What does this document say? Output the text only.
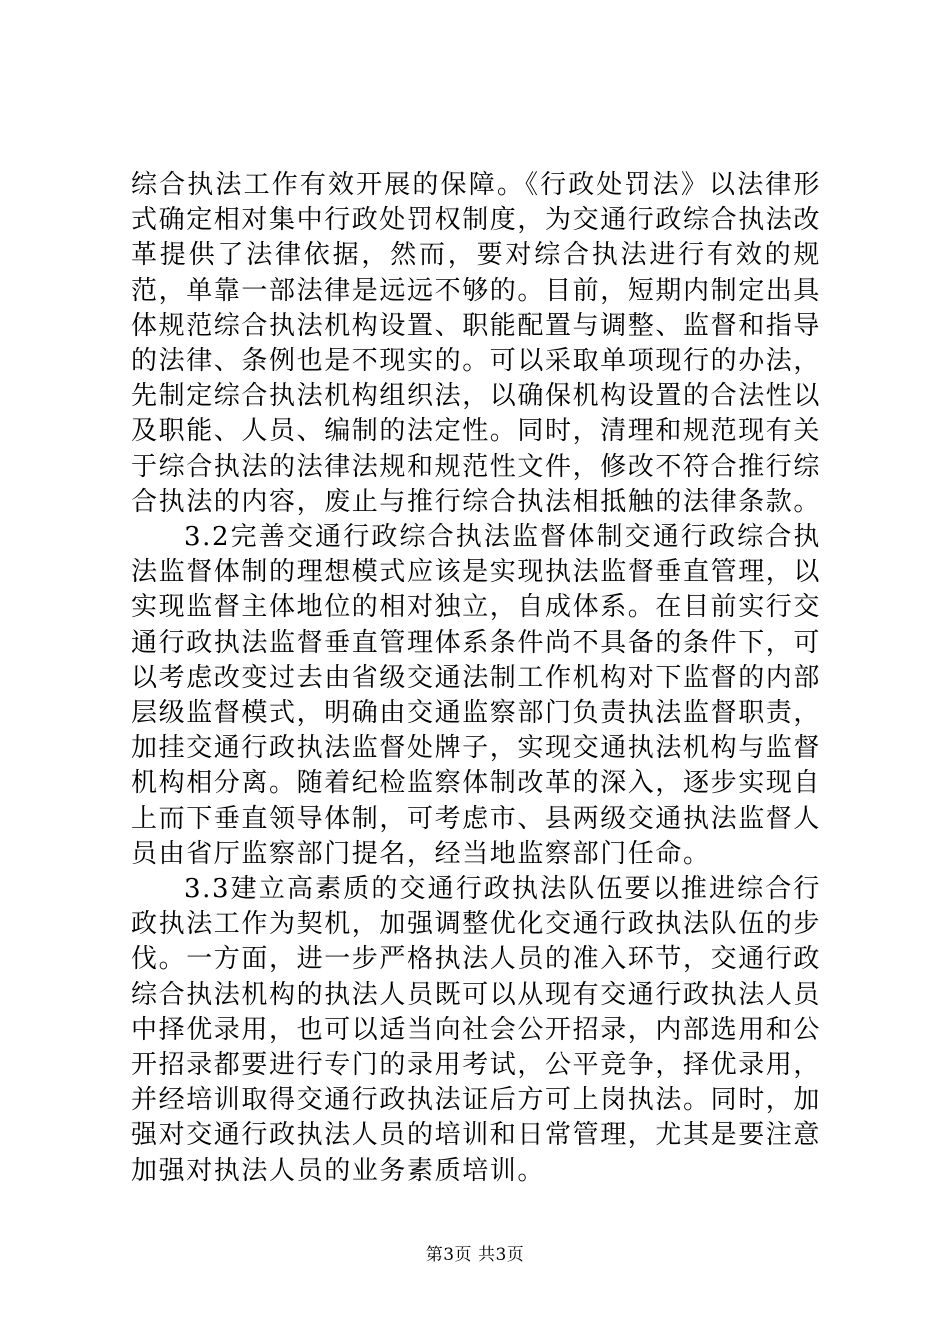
综合执法工作有效开展的保障。《行政处罚法》以法律形式确定相对集中行政处罚权制度，为交通行政综合执法改革提供了法律依据，然而，要对综合执法进行有效的规范，单靠一部法律是远远不够的。目前，短期内制定出具体规范综合执法机构设置、职能配置与调整、监督和指导的法律、条例也是不现实的。可以采取单项现行的办法，先制定综合执法机构组织法，以确保机构设置的合法性以及职能、人员、编制的法定性。同时，清理和规范现有关于综合执法的法律法规和规范性文件，修改不符合推行综合执法的内容，废止与推行综合执法相抵触的法律条款。

3.2完善交通行政综合执法监督体制交通行政综合执法监督体制的理想模式应该是实现执法监督垂直管理，以实现监督主体地位的相对独立，自成体系。在目前实行交通行政执法监督垂直管理体系条件尚不具备的条件下，可以考虑改变过去由省级交通法制工作机构对下监督的内部层级监督模式，明确由交通监察部门负责执法监督职责，加挂交通行政执法监督处牌子，实现交通执法机构与监督机构相分离。随着纪检监察体制改革的深入，逐步实现自上而下垂直领导体制，可考虑市、县两级交通执法监督人员由省厅监察部门提名，经当地监察部门任命。

3.3建立高素质的交通行政执法队伍要以推进综合行政执法工作为契机，加强调整优化交通行政执法队伍的步伐。一方面，进一步严格执法人员的准入环节，交通行政综合执法机构的执法人员既可以从现有交通行政执法人员中择优录用，也可以适当向社会公开招录，内部选用和公开招录都要进行专门的录用考试，公平竞争，择优录用，并经培训取得交通行政执法证后方可上岗执法。同时，加强对交通行政执法人员的培训和日常管理，尤其是要注意加强对执法人员的业务素质培训。

第3页 共3页
